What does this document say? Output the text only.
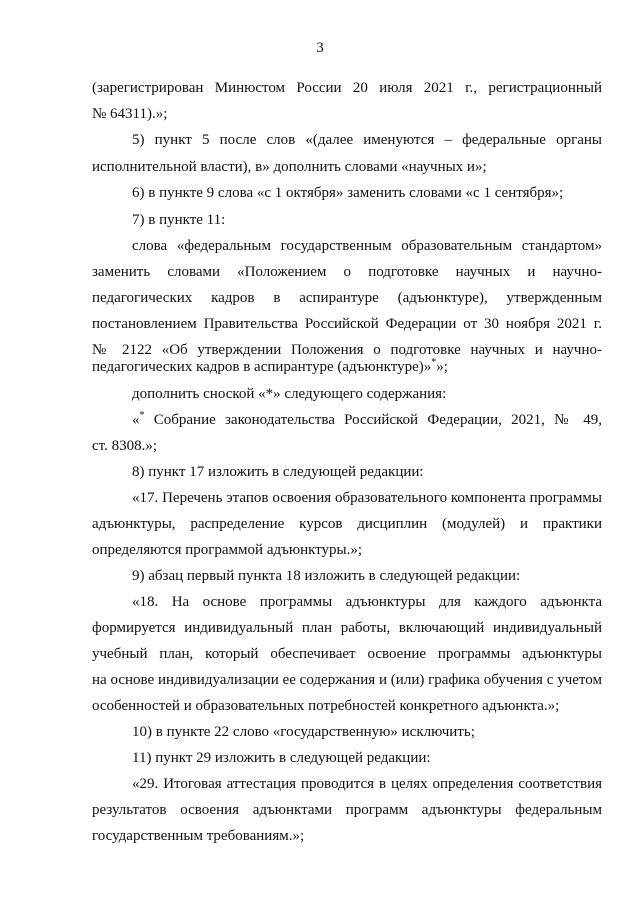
3
(зарегистрирован Минюстом России 20 июля 2021 г., регистрационный
№ 64311).»;
5) пункт 5 после слов «(далее именуются – федеральные органы
исполнительной власти), в» дополнить словами «научных и»;
6) в пункте 9 слова «с 1 октября» заменить словами «с 1 сентября»;
7) в пункте 11:
слова «федеральным государственным образовательным стандартом»
заменить словами «Положением о подготовке научных и научно-
педагогических кадров в аспирантуре (адъюнктуре), утвержденным
постановлением Правительства Российской Федерации от 30 ноября 2021 г.
№ 2122 «Об утверждении Положения о подготовке научных и научно-
педагогических кадров в аспирантуре (адъюнктуре)»*»;
дополнить сноской «*» следующего содержания:
«* Собрание законодательства Российской Федерации, 2021, № 49,
ст. 8308.»;
8) пункт 17 изложить в следующей редакции:
«17. Перечень этапов освоения образовательного компонента программы
адъюнктуры, распределение курсов дисциплин (модулей) и практики
определяются программой адъюнктуры.»;
9) абзац первый пункта 18 изложить в следующей редакции:
«18. На основе программы адъюнктуры для каждого адъюнкта
формируется индивидуальный план работы, включающий индивидуальный
учебный план, который обеспечивает освоение программы адъюнктуры
на основе индивидуализации ее содержания и (или) графика обучения с учетом
особенностей и образовательных потребностей конкретного адъюнкта.»;
10) в пункте 22 слово «государственную» исключить;
11) пункт 29 изложить в следующей редакции:
«29. Итоговая аттестация проводится в целях определения соответствия
результатов освоения адъюнктами программ адъюнктуры федеральным
государственным требованиям.»;
